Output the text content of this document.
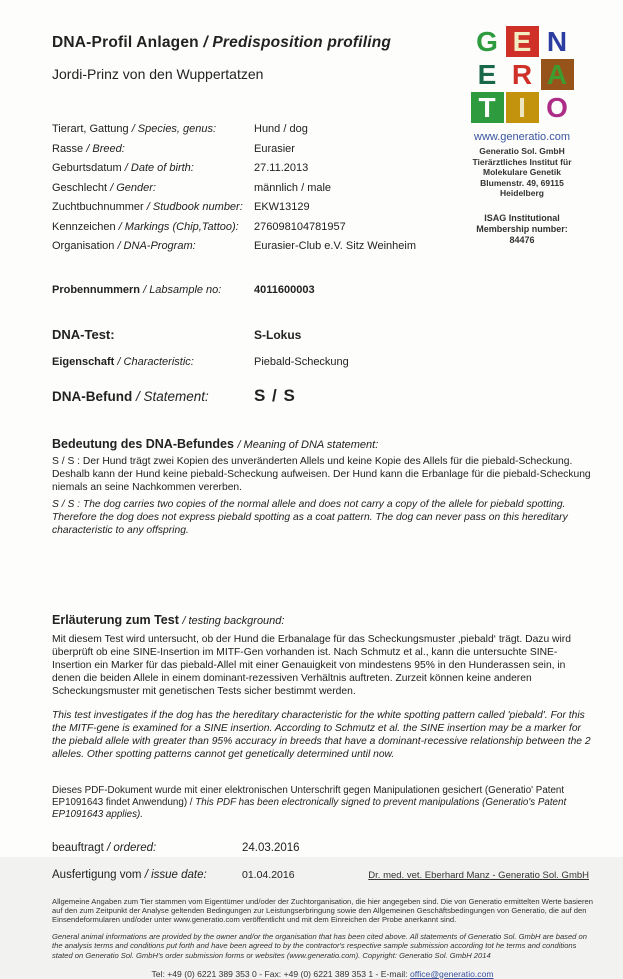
G E N
E R A
T I O
www.generatio.com
Generatio Sol. GmbH
Tierärztliches Institut für
Molekulare Genetik
Blumenstr. 49, 69115
Heidelberg
ISAG Institutional
Membership number:
84476
DNA-Profil Anlagen / Predisposition profiling

Jordi-Prinz von den Wuppertatzen

Tierart, Gattung / Species, genus:	Hund / dog
Rasse / Breed:	Eurasier
Geburtsdatum / Date of birth:	27.11.2013
Geschlecht / Gender:	männlich / male
Zuchtbuchnummer / Studbook number:	EKW13129
Kennzeichen / Markings (Chip,Tattoo):	276098104781957
Organisation / DNA-Program:	Eurasier-Club e.V. Sitz Weinheim
Probennummern / Labsample no:	4011600003
DNA-Test:	S-Lokus
Eigenschaft / Characteristic:	Piebald-Scheckung
DNA-Befund / Statement:	S / S
Bedeutung des DNA-Befundes / Meaning of DNA statement:

S / S : Der Hund trägt zwei Kopien des unveränderten Allels und keine Kopie des Allels für die piebald-Scheckung. Deshalb kann der Hund keine piebald-Scheckung aufweisen. Der Hund kann die Erbanlage für die piebald-Scheckung niemals an seine Nachkommen vererben.

S / S : The dog carries two copies of the normal allele and does not carry a copy of the allele for piebald spotting. Therefore the dog does not express piebald spotting as a coat pattern. The dog can never pass on this hereditary characteristic to any offspring.

Erläuterung zum Test / testing background:

Mit diesem Test wird untersucht, ob der Hund die Erbanalage für das Scheckungsmuster ‚piebald‘ trägt. Dazu wird überprüft ob eine SINE-Insertion im MITF-Gen vorhanden ist. Nach Schmutz et al., kann die untersuchte SINE-Insertion ein Marker für das piebald-Allel mit einer Genauigkeit von mindestens 95% in den Hunderassen sein, in denen die beiden Allele in einem dominant-rezessiven Verhältnis auftreten. Zurzeit können keine anderen Scheckungsmuster mit genetischen Tests sicher bestimmt werden.

This test investigates if the dog has the hereditary characteristic for the white spotting pattern called 'piebald'. For this the MITF-gene is examined for a SINE insertion. According to Schmutz et al. the SINE insertion may be a marker for the piebald allele with greater than 95% accuracy in breeds that have a dominant-recessive relationship between the 2 alleles. Other spotting patterns cannot get genetically determined until now.

Dieses PDF-Dokument wurde mit einer elektronischen Unterschrift gegen Manipulationen gesichert (Generatio' Patent EP1091643 findet Anwendung) / This PDF has been electronically signed to prevent manipulations (Generatio's Patent EP1091643 applies).

beauftragt / ordered:	24.03.2016
Ausfertigung vom / issue date:	01.04.2016	Dr. med. vet. Eberhard Manz - Generatio Sol. GmbH

Allgemeine Angaben zum Tier stammen vom Eigentümer und/oder der Zuchtorganisation, die hier angegeben sind. Die von Generatio ermittelten Werte basieren auf den zum Zeitpunkt der Analyse geltenden Bedingungen zur Leistungserbringung sowie den Allgemeinen Geschäftsbedingungen von Generatio, die auf den Einsendeformularen und/oder unter www.generatio.com veröffentlicht und mit dem Einreichen der Probe anerkannt sind.

General animal informations are provided by the owner and/or the organisation that has been cited above. All statements of Generatio Sol. GmbH are based on the analysis terms and conditions put forth and have been agreed to by the contractor's respective sample submission according tot he terms and conditions stated on Generatio Sol. GmbH's order submission forms or websites (www.generatio.com). Copyright: Generatio Sol. GmbH 2014

Tel: +49 (0) 6221 389 353 0 - Fax: +49 (0) 6221 389 353 1 - E-mail: office@generatio.com
